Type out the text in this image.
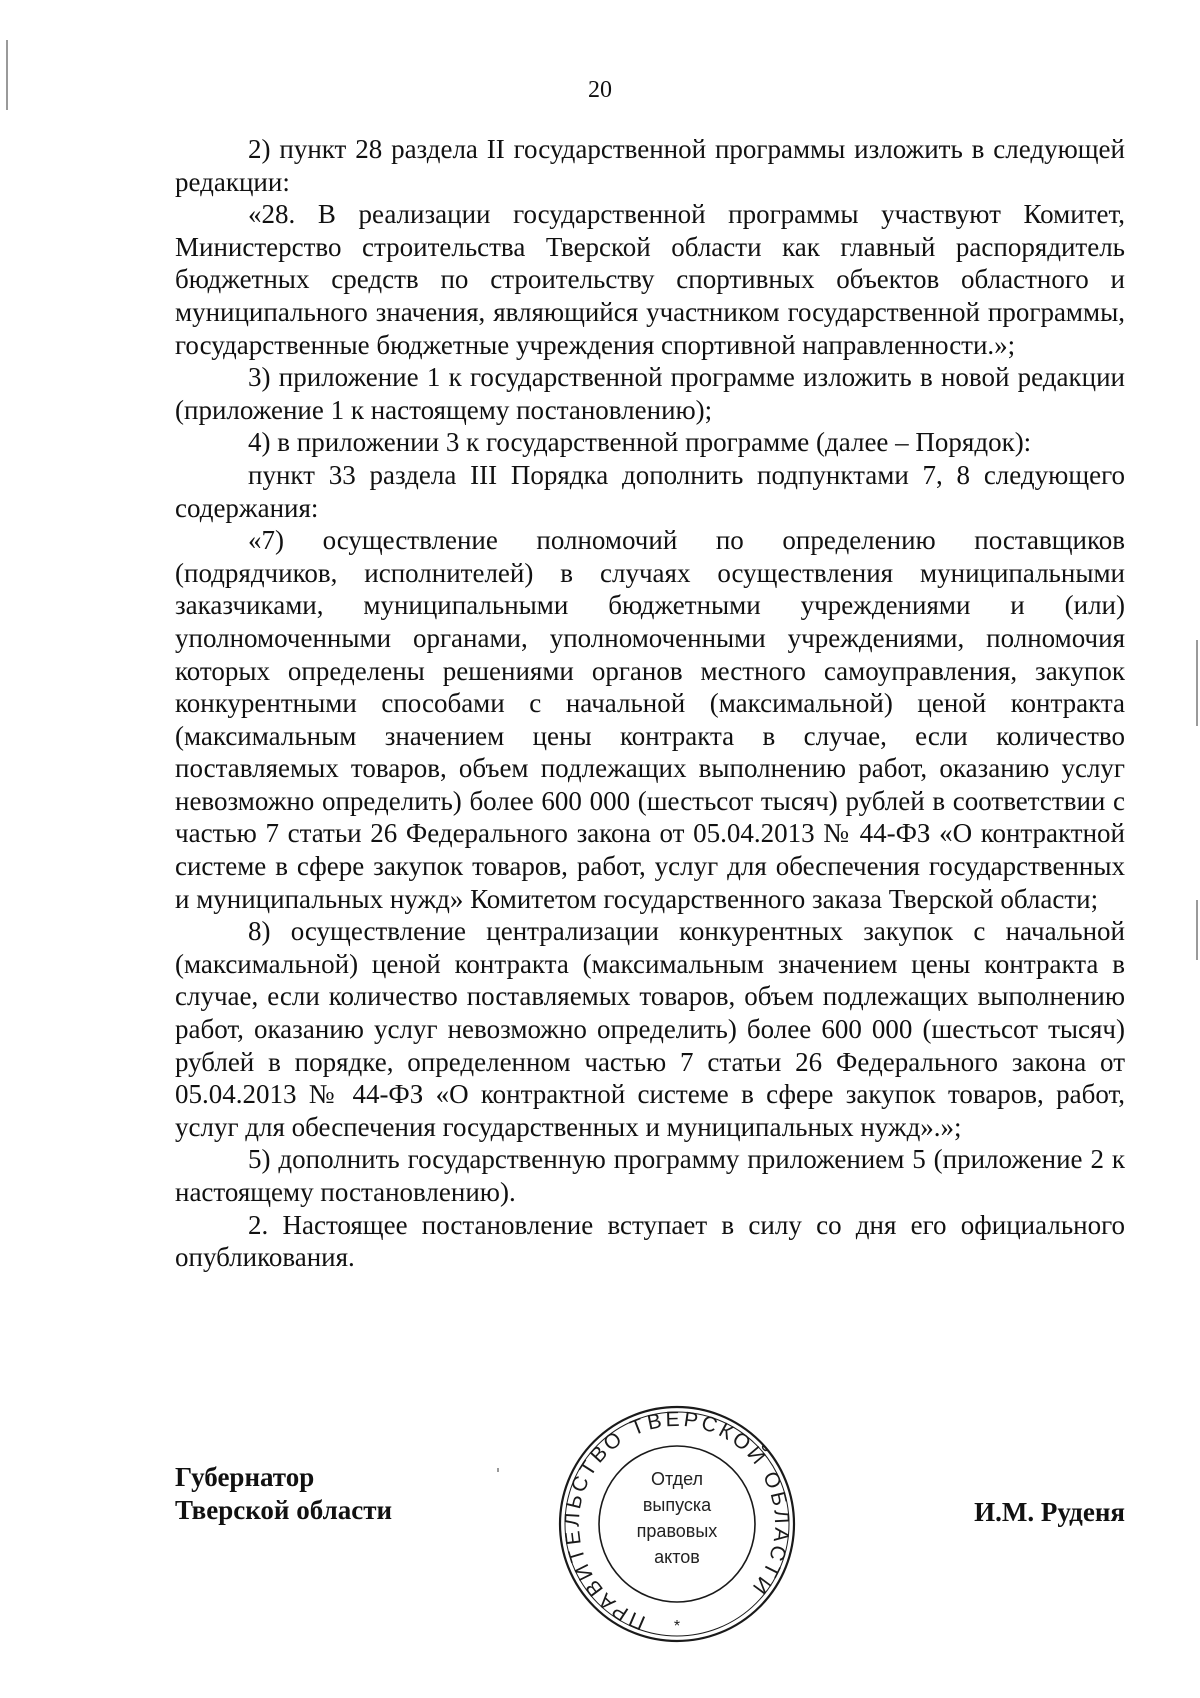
20

2) пункт 28 раздела II государственной программы изложить в следующей редакции:

«28. В реализации государственной программы участвуют Комитет, Министерство строительства Тверской области как главный распорядитель бюджетных средств по строительству спортивных объектов областного и муниципального значения, являющийся участником государственной программы, государственные бюджетные учреждения спортивной направленности.»;

3) приложение 1 к государственной программе изложить в новой редакции (приложение 1 к настоящему постановлению);

4) в приложении 3 к государственной программе (далее – Порядок):

пункт 33 раздела III Порядка дополнить подпунктами 7, 8 следующего содержания:

«7) осуществление полномочий по определению поставщиков (подрядчиков, исполнителей) в случаях осуществления муниципальными заказчиками, муниципальными бюджетными учреждениями и (или) уполномоченными органами, уполномоченными учреждениями, полномочия которых определены решениями органов местного самоуправления, закупок конкурентными способами с начальной (максимальной) ценой контракта (максимальным значением цены контракта в случае, если количество поставляемых товаров, объем подлежащих выполнению работ, оказанию услуг невозможно определить) более 600 000 (шестьсот тысяч) рублей в соответствии с частью 7 статьи 26 Федерального закона от 05.04.2013 № 44-ФЗ «О контрактной системе в сфере закупок товаров, работ, услуг для обеспечения государственных и муниципальных нужд» Комитетом государственного заказа Тверской области;

8) осуществление централизации конкурентных закупок с начальной (максимальной) ценой контракта (максимальным значением цены контракта в случае, если количество поставляемых товаров, объем подлежащих выполнению работ, оказанию услуг невозможно определить) более 600 000 (шестьсот тысяч) рублей в порядке, определенном частью 7 статьи 26 Федерального закона от 05.04.2013 № 44-ФЗ «О контрактной системе в сфере закупок товаров, работ, услуг для обеспечения государственных и муниципальных нужд».»;

5) дополнить государственную программу приложением 5 (приложение 2 к настоящему постановлению).

2. Настоящее постановление вступает в силу со дня его официального опубликования.

Губернатор
Тверской области	И.М. Руденя
ПРАВИТЕЛЬСТВО ТВЕРСКОЙ ОБЛАСТИ
*
Отдел
выпуска
правовых
актов
